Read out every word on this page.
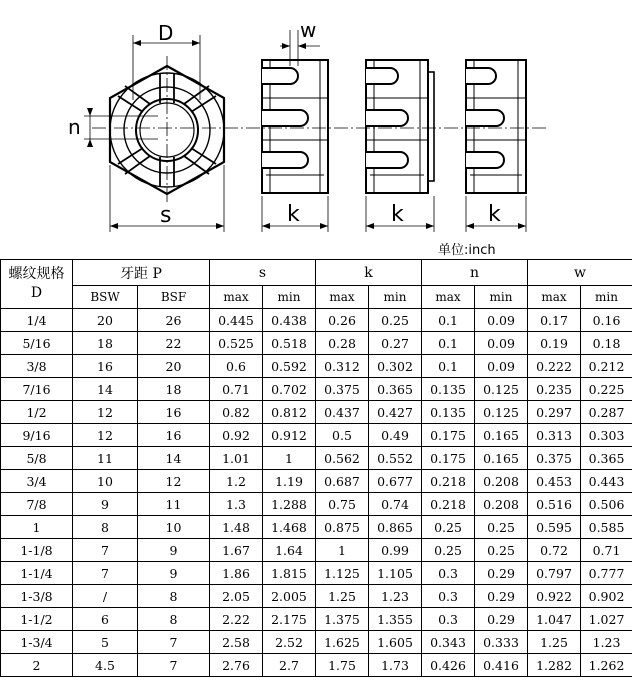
D
n
s
w
k	k	k
单位:inch
螺纹规格
D	牙距 P		s		k		n		w	
	BSW	BSF	max	min	max	min	max	min	max	min
1/4	20	26	0.445	0.438	0.26	0.25	0.1	0.09	0.17	0.16
5/16	18	22	0.525	0.518	0.28	0.27	0.1	0.09	0.19	0.18
3/8	16	20	0.6	0.592	0.312	0.302	0.1	0.09	0.222	0.212
7/16	14	18	0.71	0.702	0.375	0.365	0.135	0.125	0.235	0.225
1/2	12	16	0.82	0.812	0.437	0.427	0.135	0.125	0.297	0.287
9/16	12	16	0.92	0.912	0.5	0.49	0.175	0.165	0.313	0.303
5/8	11	14	1.01	1	0.562	0.552	0.175	0.165	0.375	0.365
3/4	10	12	1.2	1.19	0.687	0.677	0.218	0.208	0.453	0.443
7/8	9	11	1.3	1.288	0.75	0.74	0.218	0.208	0.516	0.506
1	8	10	1.48	1.468	0.875	0.865	0.25	0.25	0.595	0.585
1-1/8	7	9	1.67	1.64	1	0.99	0.25	0.25	0.72	0.71
1-1/4	7	9	1.86	1.815	1.125	1.105	0.3	0.29	0.797	0.777
1-3/8	/	8	2.05	2.005	1.25	1.23	0.3	0.29	0.922	0.902
1-1/2	6	8	2.22	2.175	1.375	1.355	0.3	0.29	1.047	1.027
1-3/4	5	7	2.58	2.52	1.625	1.605	0.343	0.333	1.25	1.23
2	4.5	7	2.76	2.7	1.75	1.73	0.426	0.416	1.282	1.262
